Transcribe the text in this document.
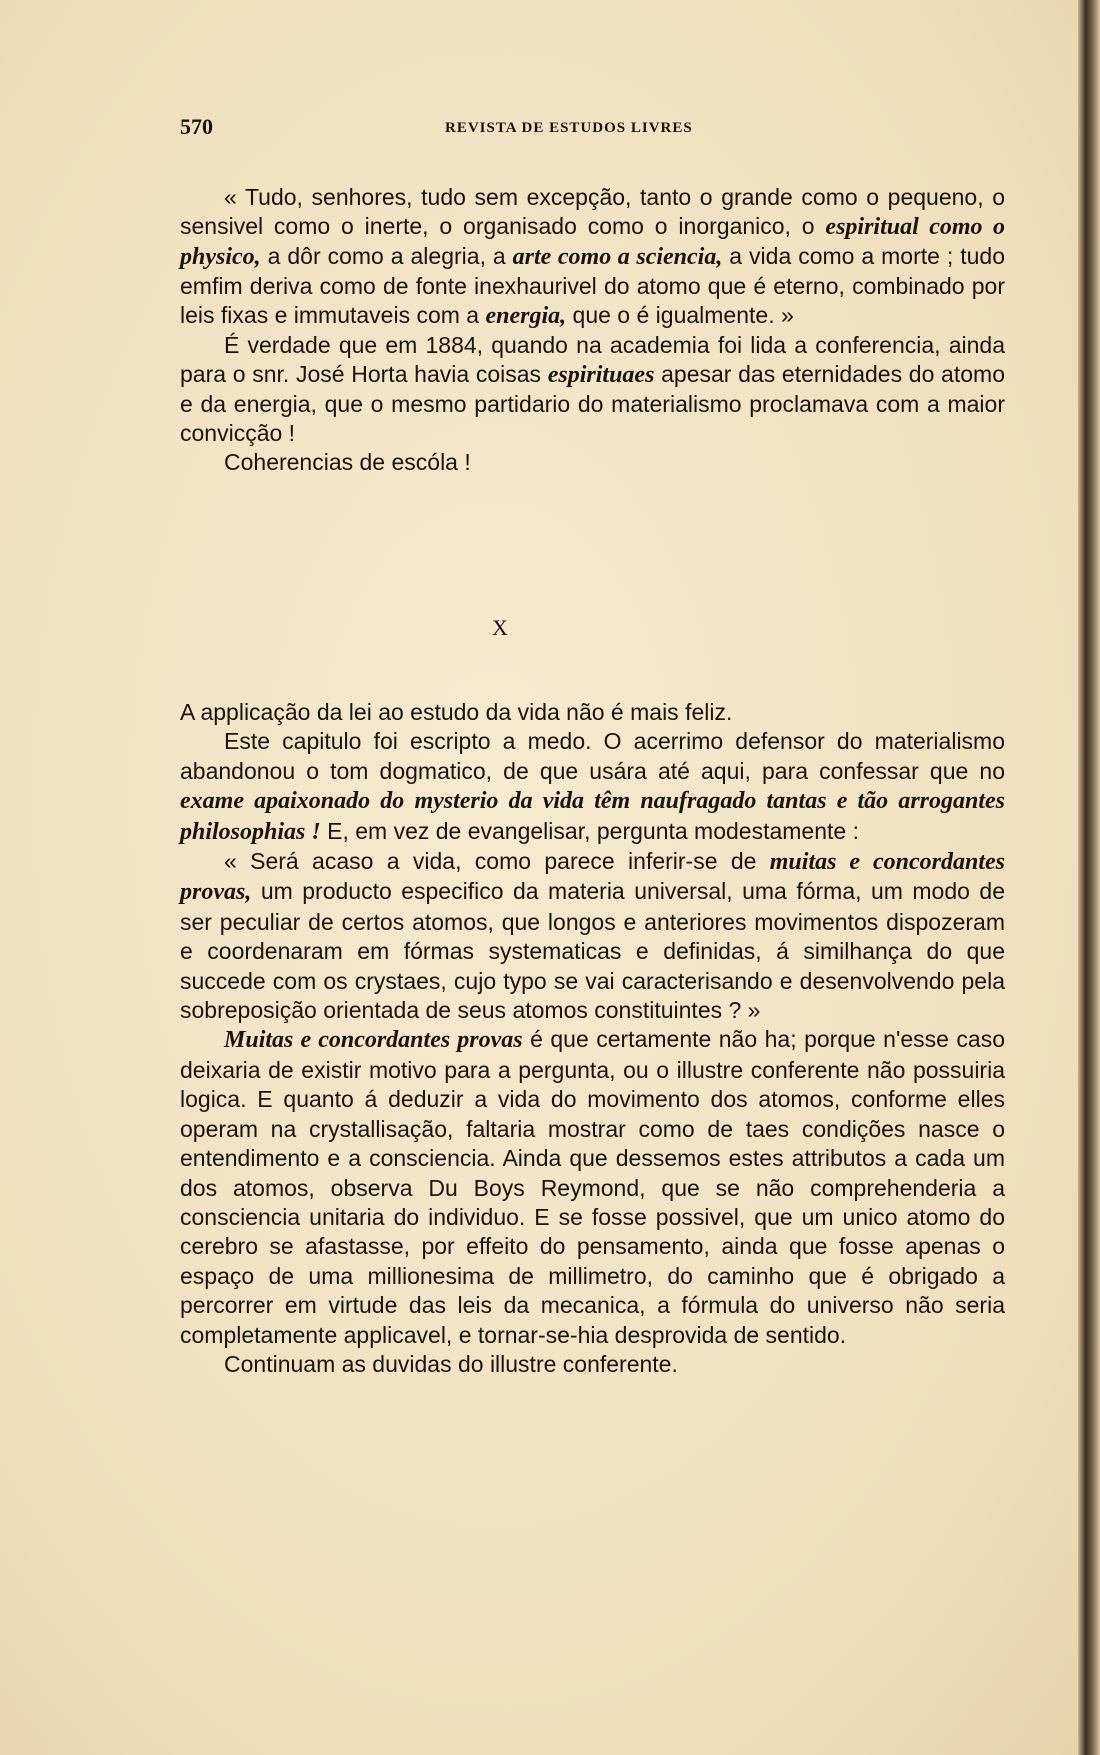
570	REVISTA DE ESTUDOS LIVRES

« Tudo, senhores, tudo sem excepção, tanto o grande como o pequeno, o sensivel como o inerte, o organisado como o inorganico, o espiritual como o physico, a dôr como a alegria, a arte como a sciencia, a vida como a morte ; tudo emfim deriva como de fonte inexhaurivel do atomo que é eterno, combinado por leis fixas e immutaveis com a energia, que o é igualmente. »

É verdade que em 1884, quando na academia foi lida a conferencia, ainda para o snr. José Horta havia coisas espirituaes apesar das eternidades do atomo e da energia, que o mesmo partidario do materialismo proclamava com a maior convicção !

Coherencias de escóla !

X

A applicação da lei ao estudo da vida não é mais feliz.

Este capitulo foi escripto a medo. O acerrimo defensor do materialismo abandonou o tom dogmatico, de que usára até aqui, para confessar que no exame apaixonado do mysterio da vida têm naufragado tantas e tão arrogantes philosophias ! E, em vez de evangelisar, pergunta modestamente :

« Será acaso a vida, como parece inferir-se de muitas e concordantes provas, um producto especifico da materia universal, uma fórma, um modo de ser peculiar de certos atomos, que longos e anteriores movimentos dispozeram e coordenaram em fórmas systematicas e definidas, á similhança do que succede com os crystaes, cujo typo se vai caracterisando e desenvolvendo pela sobreposição orientada de seus atomos constituintes ? »

Muitas e concordantes provas é que certamente não ha; porque n'esse caso deixaria de existir motivo para a pergunta, ou o illustre conferente não possuiria logica. E quanto á deduzir a vida do movimento dos atomos, conforme elles operam na crystallisação, faltaria mostrar como de taes condições nasce o entendimento e a consciencia. Ainda que dessemos estes attributos a cada um dos atomos, observa Du Boys Reymond, que se não comprehenderia a consciencia unitaria do individuo. E se fosse possivel, que um unico atomo do cerebro se afastasse, por effeito do pensamento, ainda que fosse apenas o espaço de uma millionesima de millimetro, do caminho que é obrigado a percorrer em virtude das leis da mecanica, a fórmula do universo não seria completamente applicavel, e tornar-se-hia desprovida de sentido.

Continuam as duvidas do illustre conferente.
